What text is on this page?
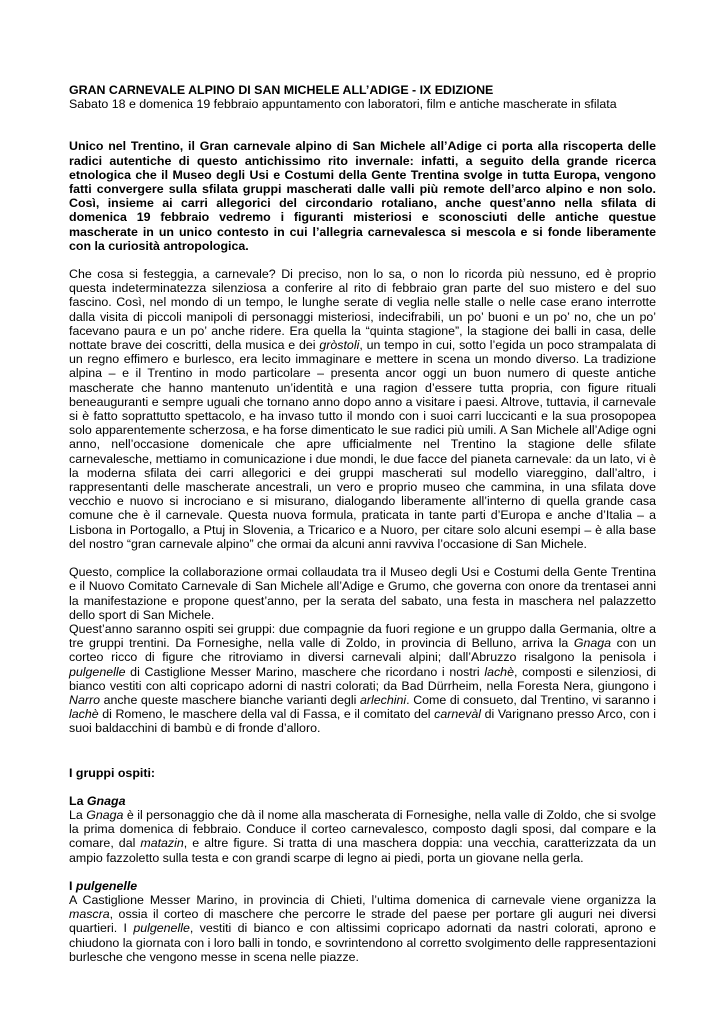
GRAN CARNEVALE ALPINO DI SAN MICHELE ALL’ADIGE - IX EDIZIONE

Sabato 18 e domenica 19 febbraio appuntamento con laboratori, film e antiche mascherate in sfilata

Unico nel Trentino, il Gran carnevale alpino di San Michele all’Adige ci porta alla riscoperta delle radici autentiche di questo antichissimo rito invernale: infatti, a seguito della grande ricerca etnologica che il Museo degli Usi e Costumi della Gente Trentina svolge in tutta Europa, vengono fatti convergere sulla sfilata gruppi mascherati dalle valli più remote dell’arco alpino e non solo. Così, insieme ai carri allegorici del circondario rotaliano, anche quest’anno nella sfilata di domenica 19 febbraio vedremo i figuranti misteriosi e sconosciuti delle antiche questue mascherate in un unico contesto in cui l’allegria carnevalesca si mescola e si fonde liberamente con la curiosità antropologica.

Che cosa si festeggia, a carnevale? Di preciso, non lo sa, o non lo ricorda più nessuno, ed è proprio questa indeterminatezza silenziosa a conferire al rito di febbraio gran parte del suo mistero e del suo fascino. Così, nel mondo di un tempo, le lunghe serate di veglia nelle stalle o nelle case erano interrotte dalla visita di piccoli manipoli di personaggi misteriosi, indecifrabili, un po’ buoni e un po’ no, che un po’ facevano paura e un po’ anche ridere. Era quella la “quinta stagione”, la stagione dei balli in casa, delle nottate brave dei coscritti, della musica e dei gròstoli, un tempo in cui, sotto l’egida un poco strampalata di un regno effimero e burlesco, era lecito immaginare e mettere in scena un mondo diverso. La tradizione alpina – e il Trentino in modo particolare – presenta ancor oggi un buon numero di queste antiche mascherate che hanno mantenuto un’identità e una ragion d’essere tutta propria, con figure rituali beneauguranti e sempre uguali che tornano anno dopo anno a visitare i paesi. Altrove, tuttavia, il carnevale si è fatto soprattutto spettacolo, e ha invaso tutto il mondo con i suoi carri luccicanti e la sua prosopopea solo apparentemente scherzosa, e ha forse dimenticato le sue radici più umili. A San Michele all’Adige ogni anno, nell’occasione domenicale che apre ufficialmente nel Trentino la stagione delle sfilate carnevalesche, mettiamo in comunicazione i due mondi, le due facce del pianeta carnevale: da un lato, vi è la moderna sfilata dei carri allegorici e dei gruppi mascherati sul modello viareggino, dall’altro, i rappresentanti delle mascherate ancestrali, un vero e proprio museo che cammina, in una sfilata dove vecchio e nuovo si incrociano e si misurano, dialogando liberamente all’interno di quella grande casa comune che è il carnevale. Questa nuova formula, praticata in tante parti d’Europa e anche d’Italia – a Lisbona in Portogallo, a Ptuj in Slovenia, a Tricarico e a Nuoro, per citare solo alcuni esempi – è alla base del nostro “gran carnevale alpino” che ormai da alcuni anni ravviva l’occasione di San Michele.

Questo, complice la collaborazione ormai collaudata tra il Museo degli Usi e Costumi della Gente Trentina e il Nuovo Comitato Carnevale di San Michele all’Adige e Grumo, che governa con onore da trentasei anni la manifestazione e propone quest’anno, per la serata del sabato, una festa in maschera nel palazzetto dello sport di San Michele.

Quest’anno saranno ospiti sei gruppi: due compagnie da fuori regione e un gruppo dalla Germania, oltre a tre gruppi trentini. Da Fornesighe, nella valle di Zoldo, in provincia di Belluno, arriva la Gnaga con un corteo ricco di figure che ritroviamo in diversi carnevali alpini; dall’Abruzzo risalgono la penisola i pulgenelle di Castiglione Messer Marino, maschere che ricordano i nostri lachè, composti e silenziosi, di bianco vestiti con alti copricapo adorni di nastri colorati; da Bad Dürrheim, nella Foresta Nera, giungono i Narro anche queste maschere bianche varianti degli arlechini. Come di consueto, dal Trentino, vi saranno i lachè di Romeno, le maschere della val di Fassa, e il comitato del carnevàl di Varignano presso Arco, con i suoi baldacchini di bambù e di fronde d’alloro.

I gruppi ospiti:

La Gnaga

La Gnaga è il personaggio che dà il nome alla mascherata di Fornesighe, nella valle di Zoldo, che si svolge la prima domenica di febbraio. Conduce il corteo carnevalesco, composto dagli sposi, dal compare e la comare, dal matazin, e altre figure. Si tratta di una maschera doppia: una vecchia, caratterizzata da un ampio fazzoletto sulla testa e con grandi scarpe di legno ai piedi, porta un giovane nella gerla.

I pulgenelle

A Castiglione Messer Marino, in provincia di Chieti, l’ultima domenica di carnevale viene organizza la mascra, ossia il corteo di maschere che percorre le strade del paese per portare gli auguri nei diversi quartieri. I pulgenelle, vestiti di bianco e con altissimi copricapo adornati da nastri colorati, aprono e chiudono la giornata con i loro balli in tondo, e sovrintendono al corretto svolgimento delle rappresentazioni burlesche che vengono messe in scena nelle piazze.
